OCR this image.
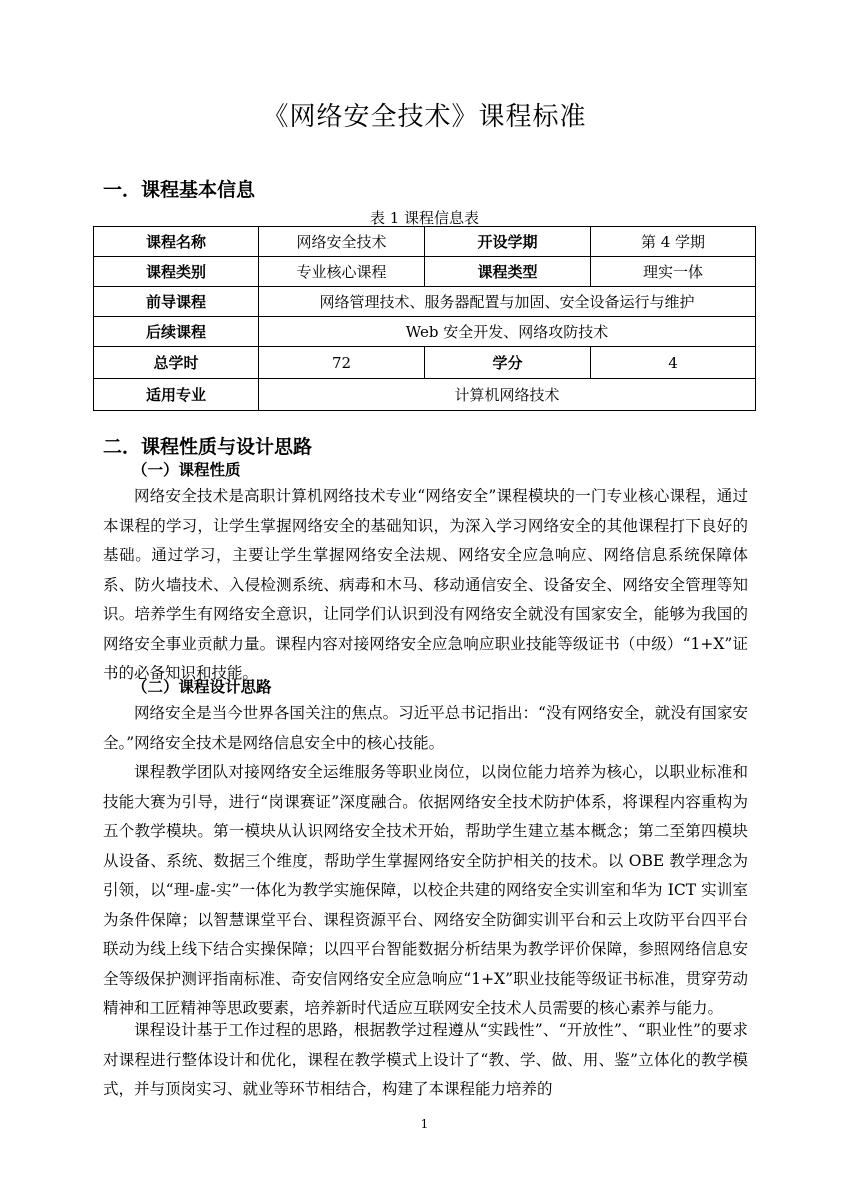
《网络安全技术》课程标准
一．课程基本信息
表 1 课程信息表
课程名称	网络安全技术	开设学期	第 4 学期
课程类别	专业核心课程	课程类型	理实一体
前导课程	网络管理技术、服务器配置与加固、安全设备运行与维护		
后续课程	Web 安全开发、网络攻防技术		
总学时	72	学分	4
适用专业	计算机网络技术		
二．课程性质与设计思路
（一）课程性质

网络安全技术是高职计算机网络技术专业“网络安全”课程模块的一门专业核心课程，通过本课程的学习，让学生掌握网络安全的基础知识，为深入学习网络安全的其他课程打下良好的基础。通过学习，主要让学生掌握网络安全法规、网络安全应急响应、网络信息系统保障体系、防火墙技术、入侵检测系统、病毒和木马、移动通信安全、设备安全、网络安全管理等知识。培养学生有网络安全意识，让同学们认识到没有网络安全就没有国家安全，能够为我国的网络安全事业贡献力量。课程内容对接网络安全应急响应职业技能等级证书（中级）“1+X”证书的必备知识和技能。

（二）课程设计思路

网络安全是当今世界各国关注的焦点。习近平总书记指出：“没有网络安全，就没有国家安全。”网络安全技术是网络信息安全中的核心技能。

课程教学团队对接网络安全运维服务等职业岗位，以岗位能力培养为核心，以职业标准和技能大赛为引导，进行“岗课赛证”深度融合。依据网络安全技术防护体系，将课程内容重构为五个教学模块。第一模块从认识网络安全技术开始，帮助学生建立基本概念；第二至第四模块从设备、系统、数据三个维度，帮助学生掌握网络安全防护相关的技术。以 OBE 教学理念为引领，以“理-虚-实”一体化为教学实施保障，以校企共建的网络安全实训室和华为 ICT 实训室为条件保障；以智慧课堂平台、课程资源平台、网络安全防御实训平台和云上攻防平台四平台联动为线上线下结合实操保障；以四平台智能数据分析结果为教学评价保障，参照网络信息安全等级保护测评指南标准、奇安信网络安全应急响应“1+X”职业技能等级证书标准，贯穿劳动精神和工匠精神等思政要素，培养新时代适应互联网安全技术人员需要的核心素养与能力。

课程设计基于工作过程的思路，根据教学过程遵从“实践性”、“开放性”、“职业性”的要求对课程进行整体设计和优化，课程在教学模式上设计了“教、学、做、用、鉴”立体化的教学模式，并与顶岗实习、就业等环节相结合，构建了本课程能力培养的

1
